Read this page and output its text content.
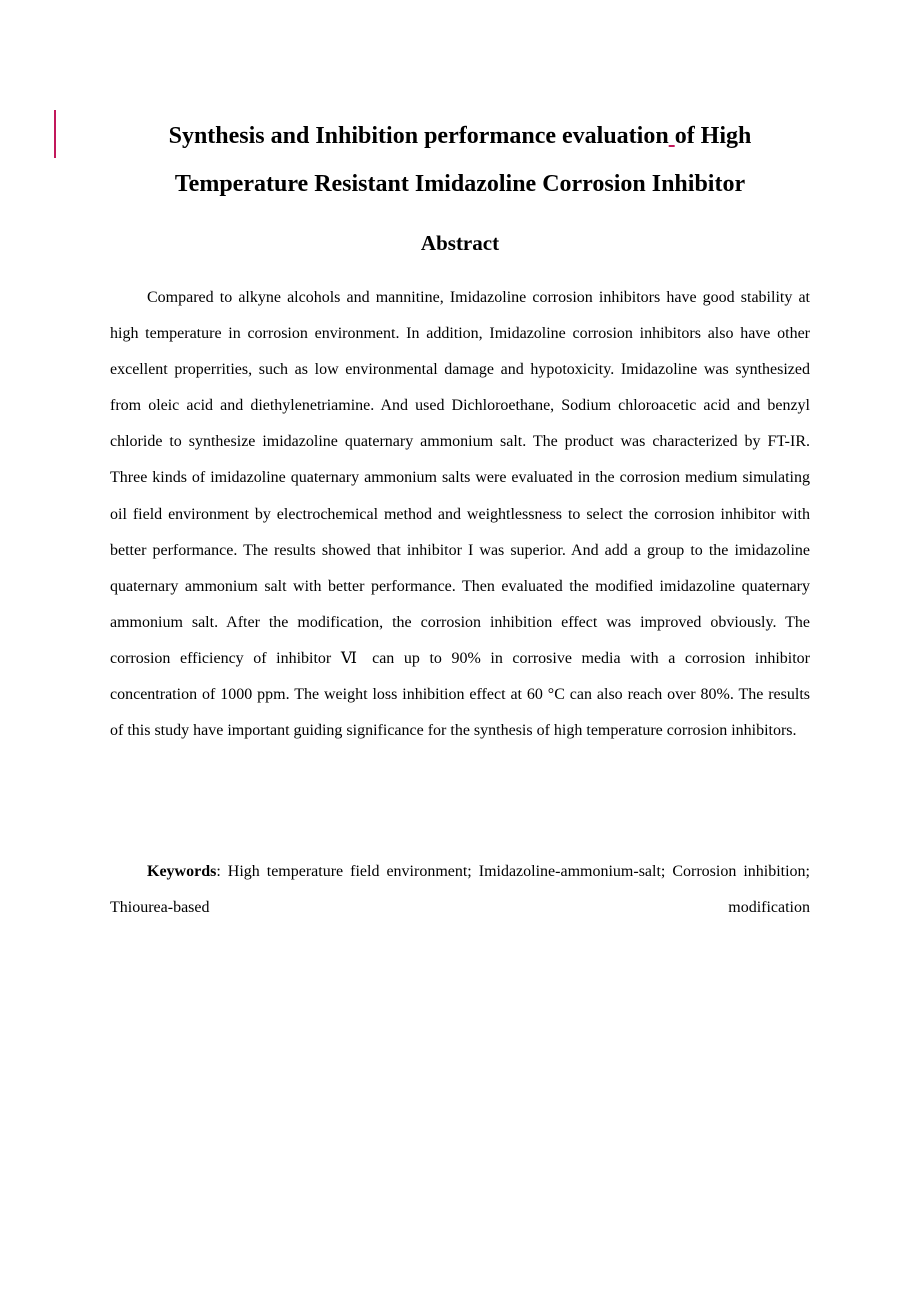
Synthesis and Inhibition performance evaluation of High Temperature Resistant Imidazoline Corrosion Inhibitor
Abstract

Compared to alkyne alcohols and mannitine, Imidazoline corrosion inhibitors have good stability at high temperature in corrosion environment. In addition, Imidazoline corrosion inhibitors also have other excellent properrities, such as low environmental damage and hypotoxicity. Imidazoline was synthesized from oleic acid and diethylenetriamine. And used Dichloroethane, Sodium chloroacetic acid and benzyl chloride to synthesize imidazoline quaternary ammonium salt. The product was characterized by FT-IR. Three kinds of imidazoline quaternary ammonium salts were evaluated in the corrosion medium simulating oil field environment by electrochemical method and weightlessness to select the corrosion inhibitor with better performance. The results showed that inhibitor I was superior. And add a group to the imidazoline quaternary ammonium salt with better performance. Then evaluated the modified imidazoline quaternary ammonium salt. After the modification, the corrosion inhibition effect was improved obviously. The corrosion efficiency of inhibitor Ⅵ can up to 90% in corrosive media with a corrosion inhibitor concentration of 1000 ppm. The weight loss inhibition effect at 60 °C can also reach over 80%. The results of this study have important guiding significance for the synthesis of high temperature corrosion inhibitors.

Keywords: High temperature field environment; Imidazoline-ammonium-salt; Corrosion inhibition; Thiourea-based modification
